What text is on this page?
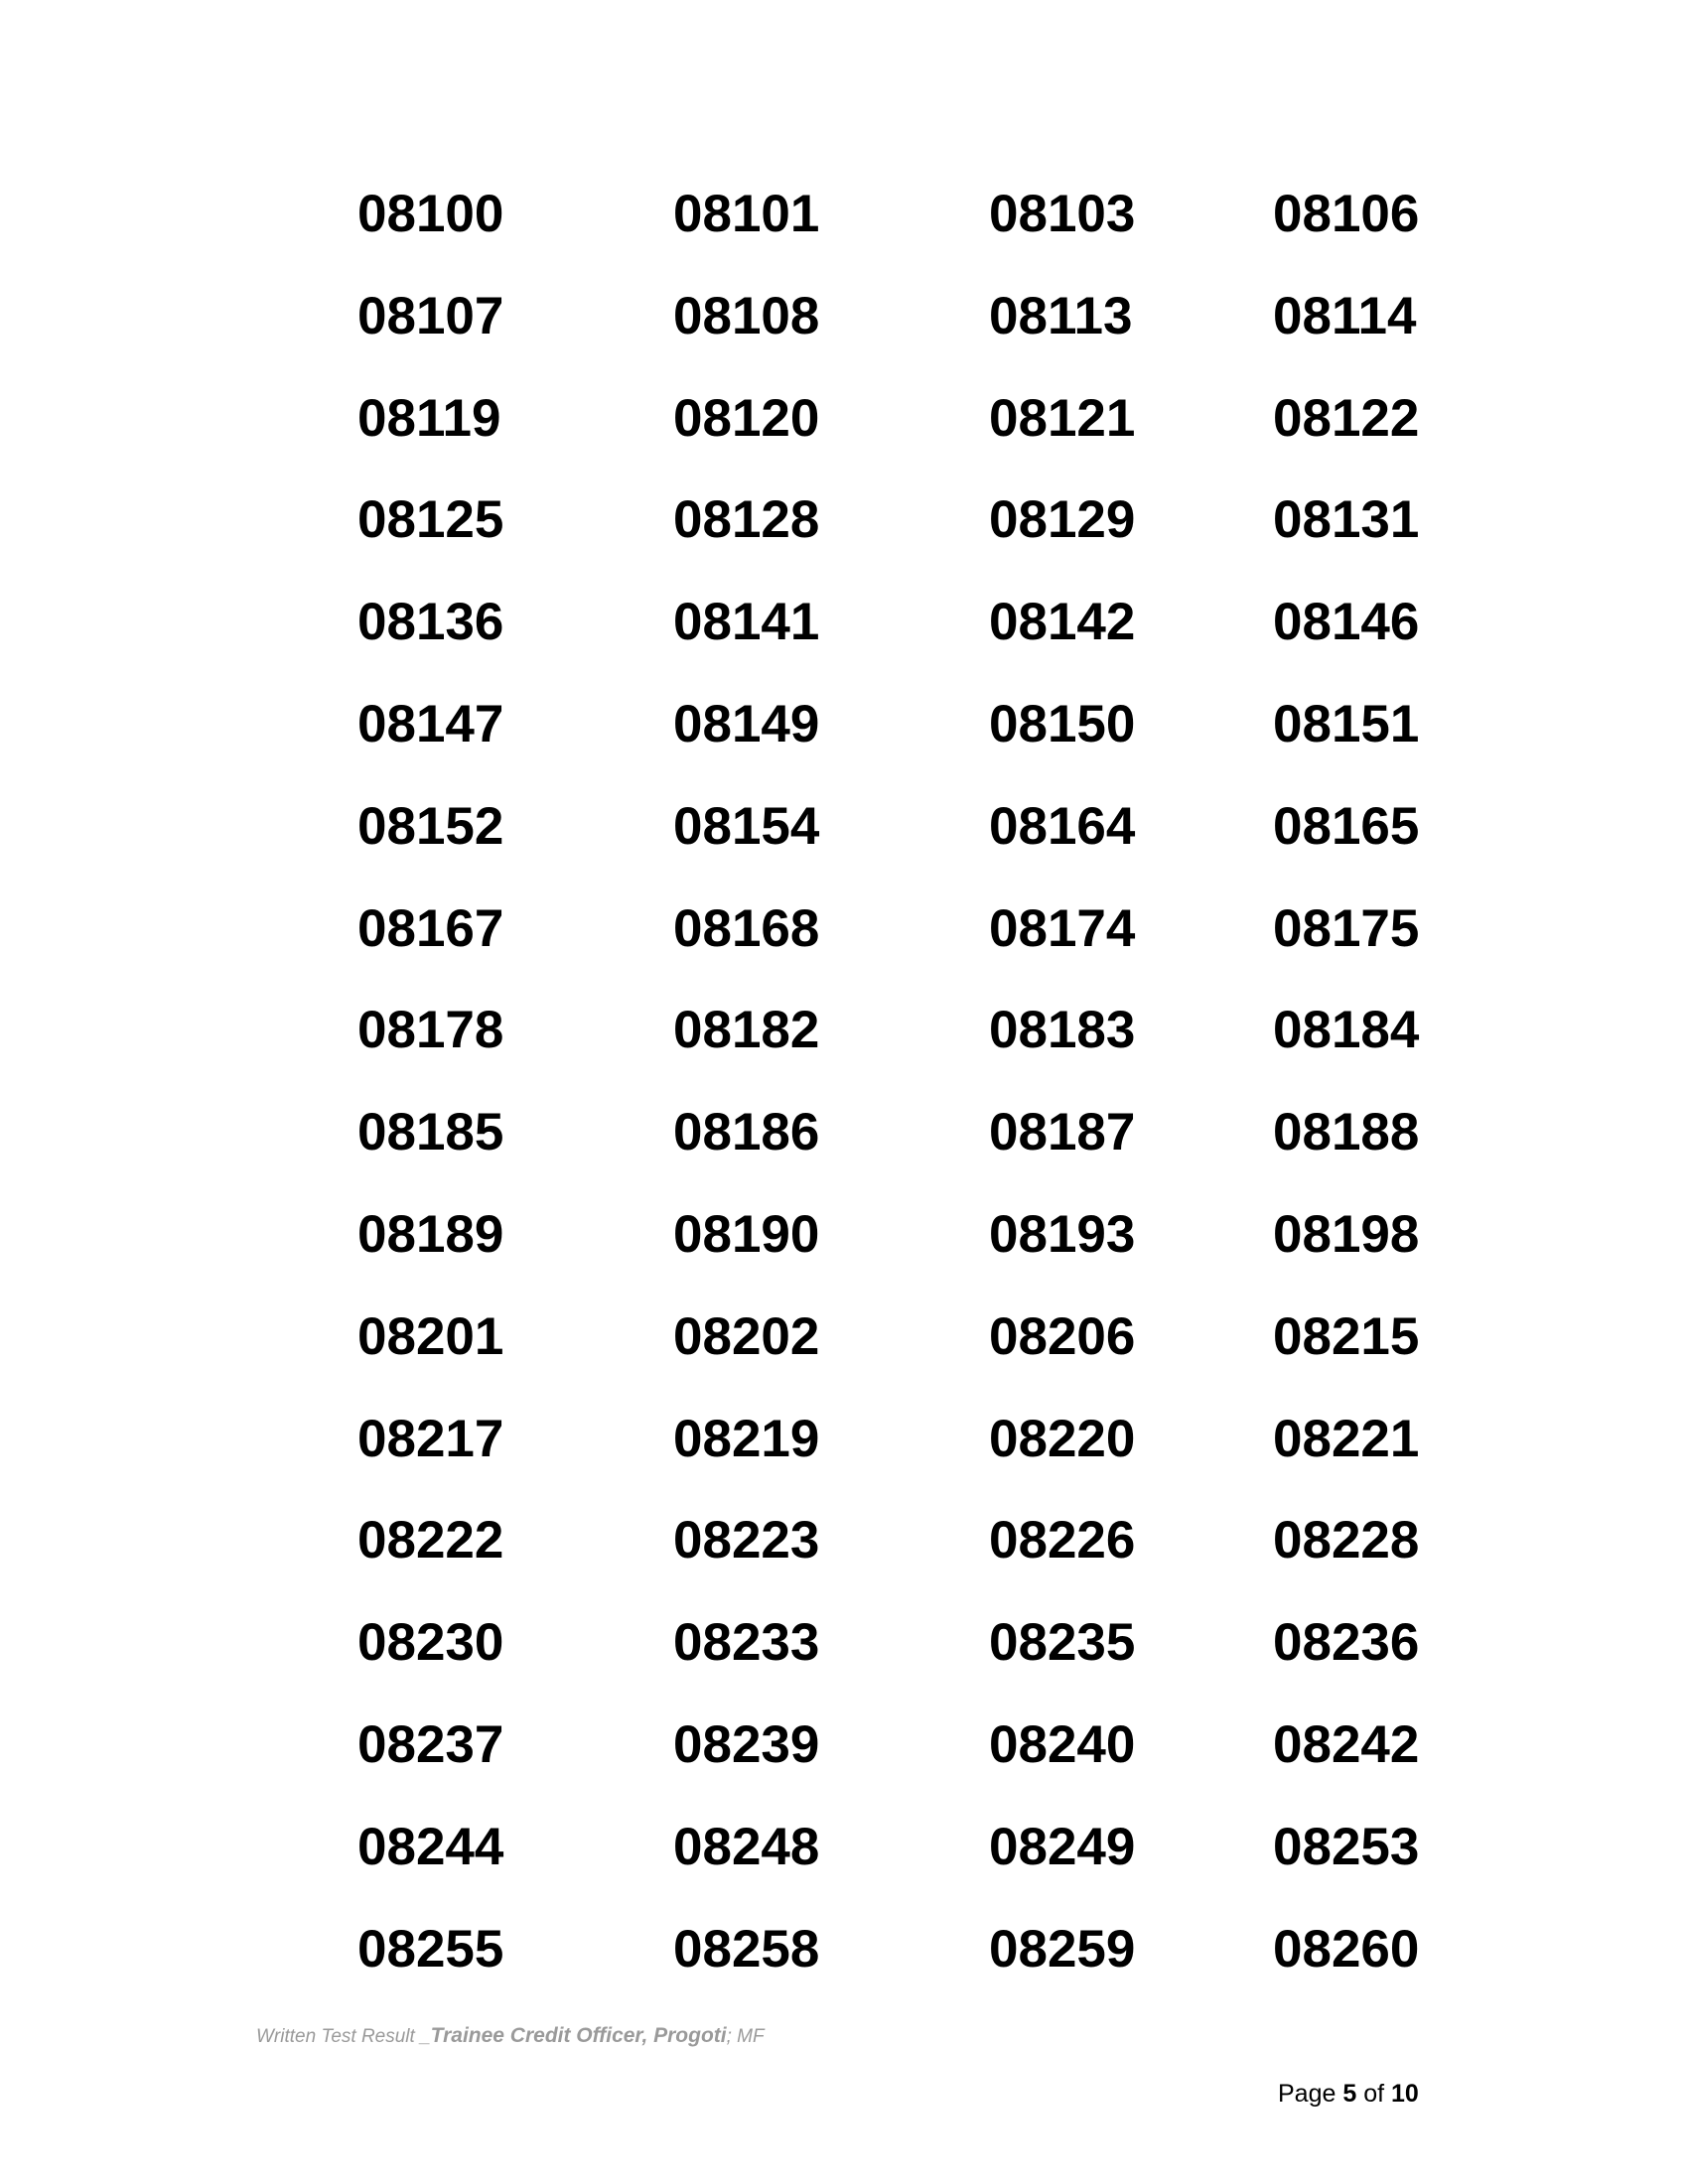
08100	08101	08103	08106
08107	08108	08113	08114
08119	08120	08121	08122
08125	08128	08129	08131
08136	08141	08142	08146
08147	08149	08150	08151
08152	08154	08164	08165
08167	08168	08174	08175
08178	08182	08183	08184
08185	08186	08187	08188
08189	08190	08193	08198
08201	08202	08206	08215
08217	08219	08220	08221
08222	08223	08226	08228
08230	08233	08235	08236
08237	08239	08240	08242
08244	08248	08249	08253
08255	08258	08259	08260
Written Test Result _Trainee Credit Officer, Progoti; MF
Page 5 of 10
